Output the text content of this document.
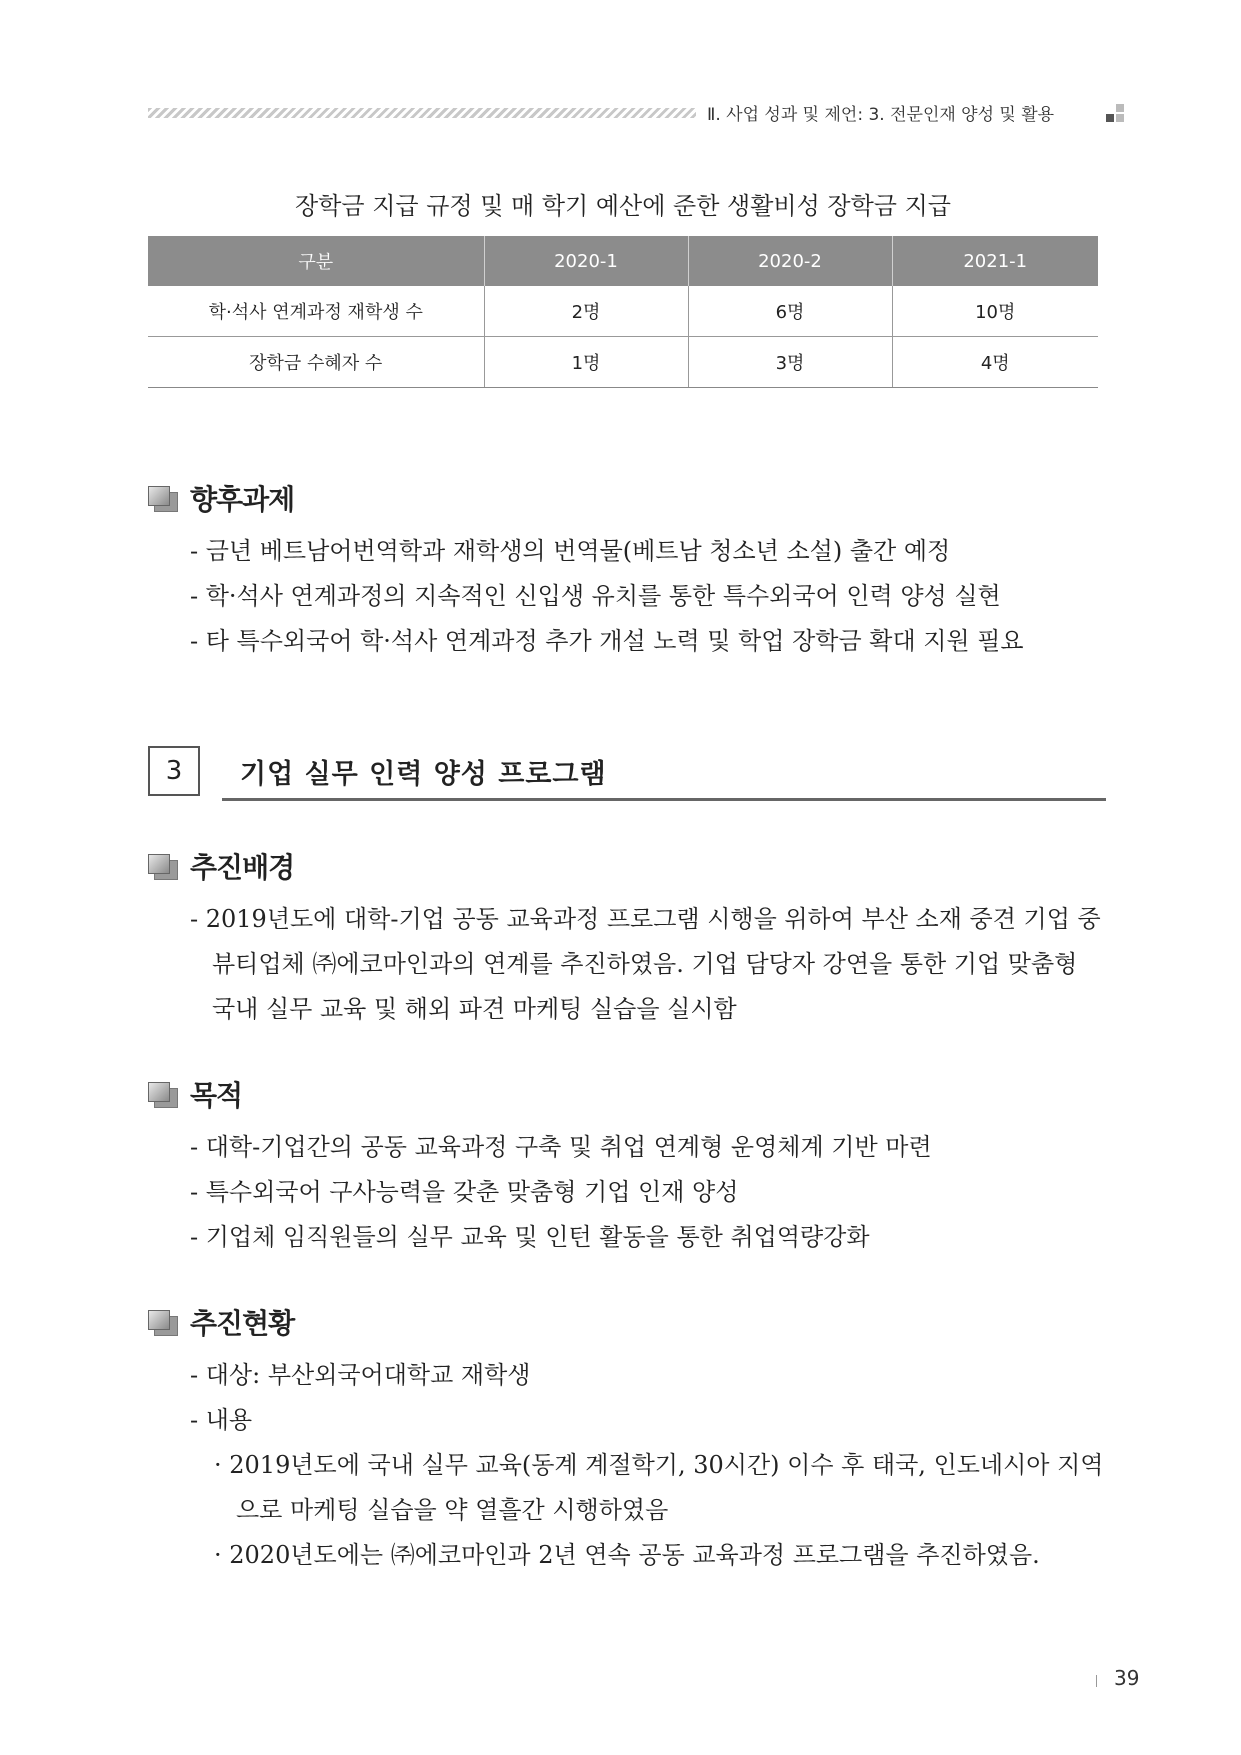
Ⅱ. 사업 성과 및 제언: 3. 전문인재 양성 및 활용
장학금 지급 규정 및 매 학기 예산에 준한 생활비성 장학금 지급
구분	2020-1	2020-2	2021-1
학·석사 연계과정 재학생 수	2명	6명	10명
장학금 수혜자 수	1명	3명	4명
향후과제
- 금년 베트남어번역학과 재학생의 번역물(베트남 청소년 소설) 출간 예정
- 학·석사 연계과정의 지속적인 신입생 유치를 통한 특수외국어 인력 양성 실현
- 타 특수외국어 학·석사 연계과정 추가 개설 노력 및 학업 장학금 확대 지원 필요
3	기업 실무 인력 양성 프로그램
추진배경
- 2019년도에 대학-기업 공동 교육과정 프로그램 시행을 위하여 부산 소재 중견 기업 중
뷰티업체 ㈜에코마인과의 연계를 추진하였음. 기업 담당자 강연을 통한 기업 맞춤형
국내 실무 교육 및 해외 파견 마케팅 실습을 실시함
목적
- 대학-기업간의 공동 교육과정 구축 및 취업 연계형 운영체계 기반 마련
- 특수외국어 구사능력을 갖춘 맞춤형 기업 인재 양성
- 기업체 임직원들의 실무 교육 및 인턴 활동을 통한 취업역량강화
추진현황
- 대상: 부산외국어대학교 재학생
- 내용
· 2019년도에 국내 실무 교육(동계 계절학기, 30시간) 이수 후 태국, 인도네시아 지역
으로 마케팅 실습을 약 열흘간 시행하였음
· 2020년도에는 ㈜에코마인과 2년 연속 공동 교육과정 프로그램을 추진하였음.
39
